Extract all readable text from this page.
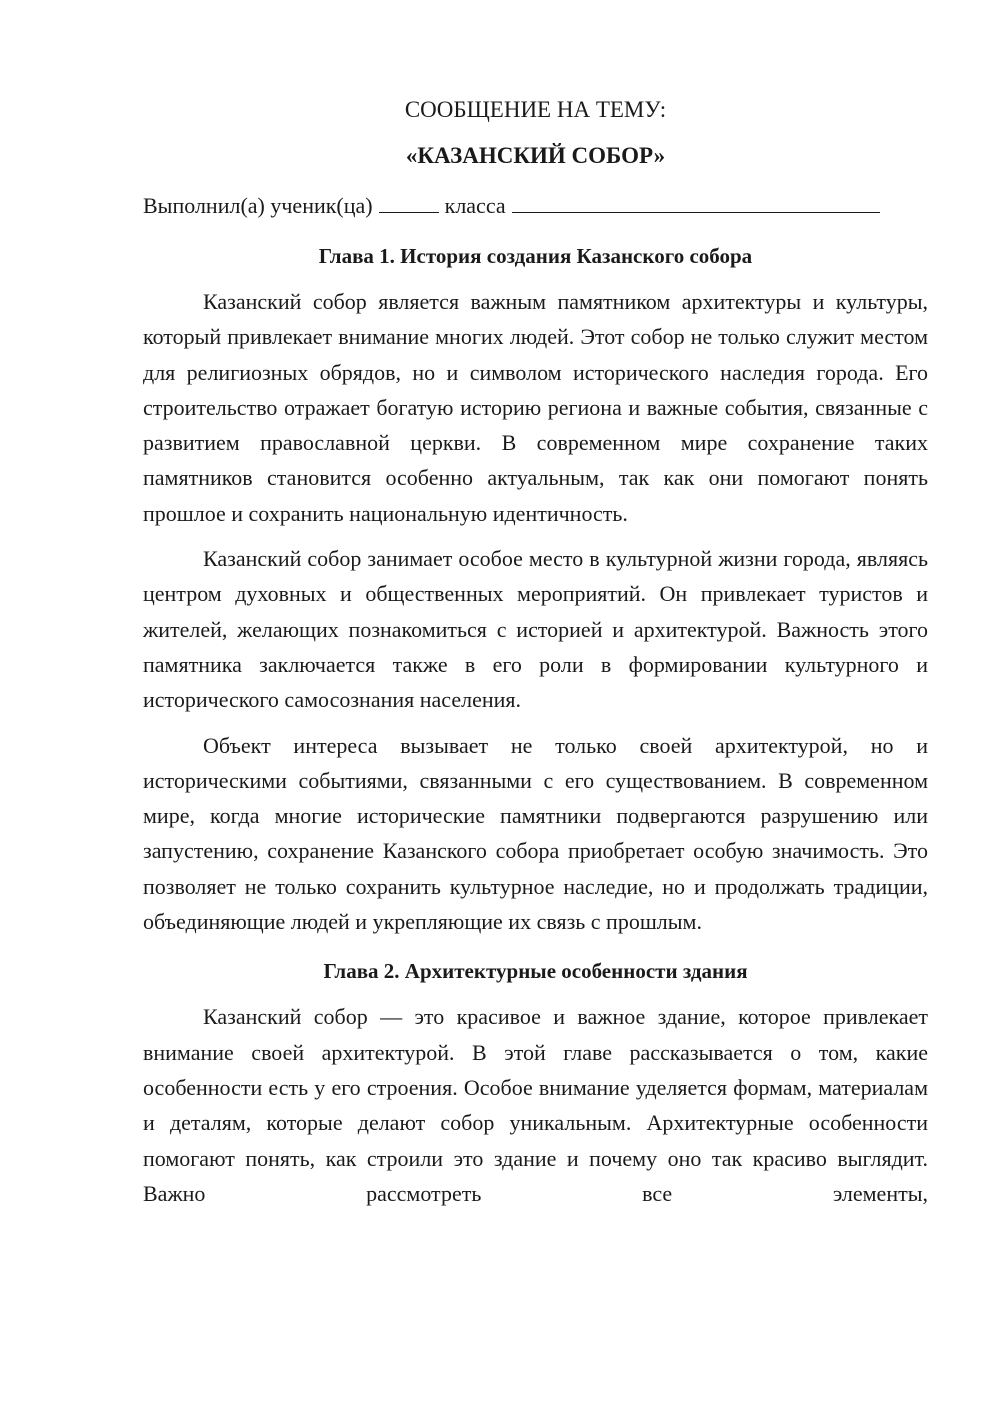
СООБЩЕНИЕ НА ТЕМУ:

«КАЗАНСКИЙ СОБОР»

Выполнил(а) ученик(ца)	класса

Глава 1. История создания Казанского собора

Казанский собор является важным памятником архитектуры и культуры, который привлекает внимание многих людей. Этот собор не только служит местом для религиозных обрядов, но и символом исторического наследия города. Его строительство отражает богатую историю региона и важные события, связанные с развитием православной церкви. В современном мире сохранение таких памятников становится особенно актуальным, так как они помогают понять прошлое и сохранить национальную идентичность.

Казанский собор занимает особое место в культурной жизни города, являясь центром духовных и общественных мероприятий. Он привлекает туристов и жителей, желающих познакомиться с историей и архитектурой. Важность этого памятника заключается также в его роли в формировании культурного и исторического самосознания населения.

Объект интереса вызывает не только своей архитектурой, но и историческими событиями, связанными с его существованием. В современном мире, когда многие исторические памятники подвергаются разрушению или запустению, сохранение Казанского собора приобретает особую значимость. Это позволяет не только сохранить культурное наследие, но и продолжать традиции, объединяющие людей и укрепляющие их связь с прошлым.

Глава 2. Архитектурные особенности здания

Казанский собор — это красивое и важное здание, которое привлекает внимание своей архитектурой. В этой главе рассказывается о том, какие особенности есть у его строения. Особое внимание уделяется формам, материалам и деталям, которые делают собор уникальным. Архитектурные особенности помогают понять, как строили это здание и почему оно так красиво выглядит. Важно рассмотреть все элементы,
